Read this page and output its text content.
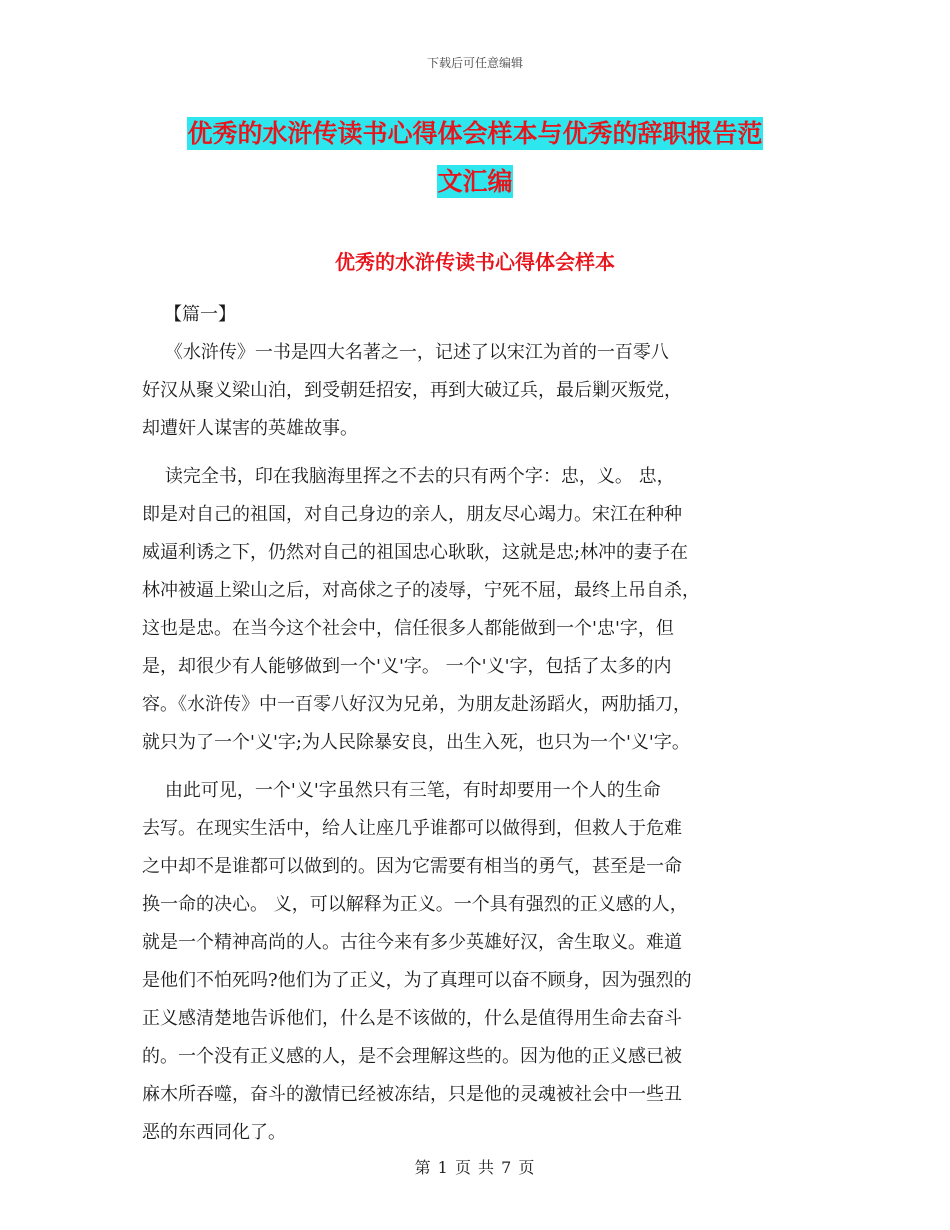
下载后可任意编辑
优秀的水浒传读书心得体会样本与优秀的辞职报告范
文汇编
优秀的水浒传读书心得体会样本

【篇一】

《水浒传》一书是四大名著之一，记述了以宋江为首的一百零八

好汉从聚义梁山泊，到受朝廷招安，再到大破辽兵，最后剿灭叛党，

却遭奸人谋害的英雄故事。

读完全书，印在我脑海里挥之不去的只有两个字：忠，义。 忠，

即是对自己的祖国，对自己身边的亲人，朋友尽心竭力。宋江在种种

威逼利诱之下，仍然对自己的祖国忠心耿耿，这就是忠;林冲的妻子在

林冲被逼上梁山之后，对高俅之子的凌辱，宁死不屈，最终上吊自杀，

这也是忠。在当今这个社会中，信任很多人都能做到一个'忠'字，但

是，却很少有人能够做到一个'义'字。 一个'义'字，包括了太多的内

容。《水浒传》中一百零八好汉为兄弟，为朋友赴汤蹈火，两肋插刀，

就只为了一个'义'字;为人民除暴安良，出生入死，也只为一个'义'字。

由此可见，一个'义'字虽然只有三笔，有时却要用一个人的生命

去写。在现实生活中，给人让座几乎谁都可以做得到，但救人于危难

之中却不是谁都可以做到的。因为它需要有相当的勇气，甚至是一命

换一命的决心。 义，可以解释为正义。一个具有强烈的正义感的人，

就是一个精神高尚的人。古往今来有多少英雄好汉，舍生取义。难道

是他们不怕死吗?他们为了正义，为了真理可以奋不顾身，因为强烈的

正义感清楚地告诉他们，什么是不该做的，什么是值得用生命去奋斗

的。一个没有正义感的人，是不会理解这些的。因为他的正义感已被

麻木所吞噬，奋斗的激情已经被冻结，只是他的灵魂被社会中一些丑

恶的东西同化了。

第 1 页 共 7 页
